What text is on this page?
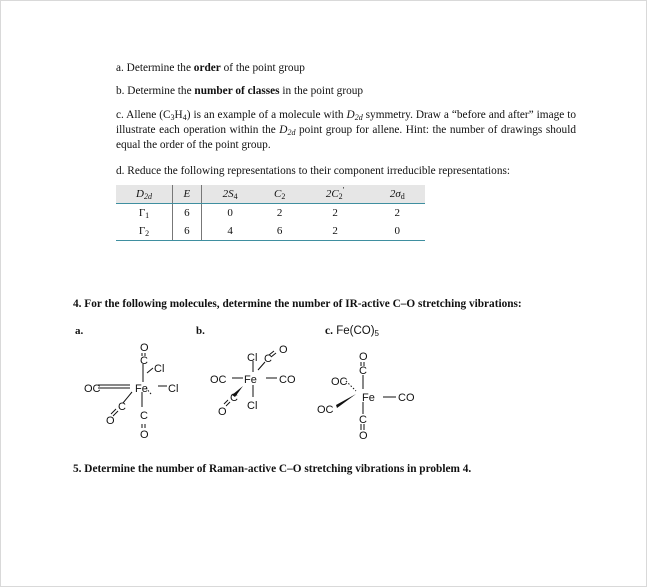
a. Determine the order of the point group

b. Determine the number of classes in the point group

c. Allene $(C_3H_4)$ is an example of a molecule with $D_{2d}$ symmetry. Draw a “before and after” image to illustrate each operation within the $D_{2d}$ point group for allene. Hint: the number of drawings should equal the order of the point group.

d. Reduce the following representations to their component irreducible representations:

$D_{2d}$	E	$2S_4$	$C_2$	$2C_2'$	$2\sigma_d$
$\Gamma_1$	6	0	2	2	2
$\Gamma_2$	6	4	6	2	0

4. For the following molecules, determine the number of IR-active C–O stretching vibrations:

a.	b.	c. $Fe(CO)_5$
O
C
Cl
OC	Fe Cl
C
C
O
O
O
Cl C
OC Fe CO
C
O Cl
O
C
OC
Fe CO
OC
C
O

5. Determine the number of Raman-active C–O stretching vibrations in problem 4.
